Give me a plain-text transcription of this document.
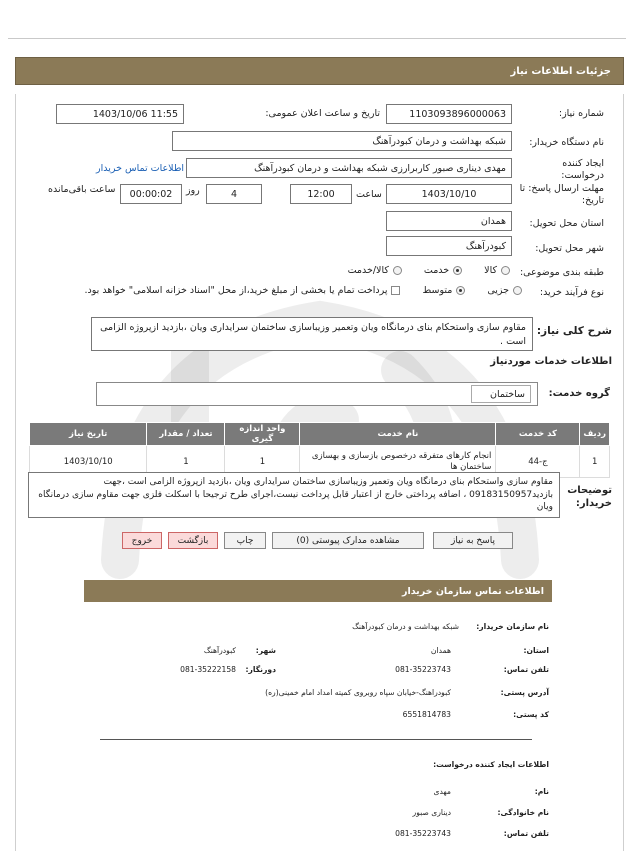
جزئیات اطلاعات نیاز
شماره نیاز:
1103093896000063
تاریخ و ساعت اعلان عمومی:
1403/10/06 11:55
نام دستگاه خریدار:
شبکه بهداشت و درمان کبودرآهنگ
ایجاد کننده درخواست:
مهدی دیناری صبور کاربرارزی شبکه بهداشت و درمان کبودرآهنگ
اطلاعات تماس خریدار
مهلت ارسال پاسخ: تا تاریخ:
1403/10/10
ساعت
12:00
4
روز
00:00:02
ساعت باقی‌مانده
استان محل تحویل:
همدان
شهر محل تحویل:
کبودرآهنگ
طبقه بندی موضوعی:
کالا
خدمت
کالا/خدمت
نوع فرآیند خرید:
جزیی
متوسط
پرداخت تمام یا بخشی از مبلغ خرید،از محل "اسناد خزانه اسلامی" خواهد بود.
شرح کلی نیاز:
مقاوم سازی واستحکام بنای درمانگاه ویان وتعمیر وزیباسازی ساختمان سرایداری ویان ،بازدید ازپروژه الزامی است .
اطلاعات خدمات موردنیاز
گروه خدمت:
ساختمان
ردیف	کد خدمت	نام خدمت	واحد اندازه گیری	تعداد / مقدار	تاریخ نیاز
1	ج-44	انجام کارهای متفرقه درخصوص بازسازی و بهسازی ساختمان ها	1	1	1403/10/10
توضیحات خریدار:
مقاوم سازی واستحکام بنای درمانگاه ویان وتعمیر وزیباسازی ساختمان سرایداری ویان ،بازدید ازپروژه الزامی است ،جهت بازدید09183150957 ، اضافه پرداختی خارج از اعتبار قابل پرداخت نیست،اجرای طرح ترجیحا با اسکلت فلزی جهت مقاوم سازی درمانگاه ویان
پاسخ به نیاز
مشاهده مدارک پیوستی (0)
چاپ
بازگشت
خروج
اطلاعات تماس سازمان خریدار
نام سازمان خریدار:
شبکه بهداشت و درمان کبودرآهنگ
استان:
همدان
شهر:
کبودرآهنگ
تلفن تماس:
081-35223743
دورنگار:
081-35222158
آدرس پستی:
کبودراهنگ-خیابان سپاه روبروی کمیته امداد امام خمینی(ره)
کد پستی:
6551814783
اطلاعات ایجاد کننده درخواست:
نام:
مهدی
نام خانوادگی:
دیناری صبور
تلفن تماس:
081-35223743
